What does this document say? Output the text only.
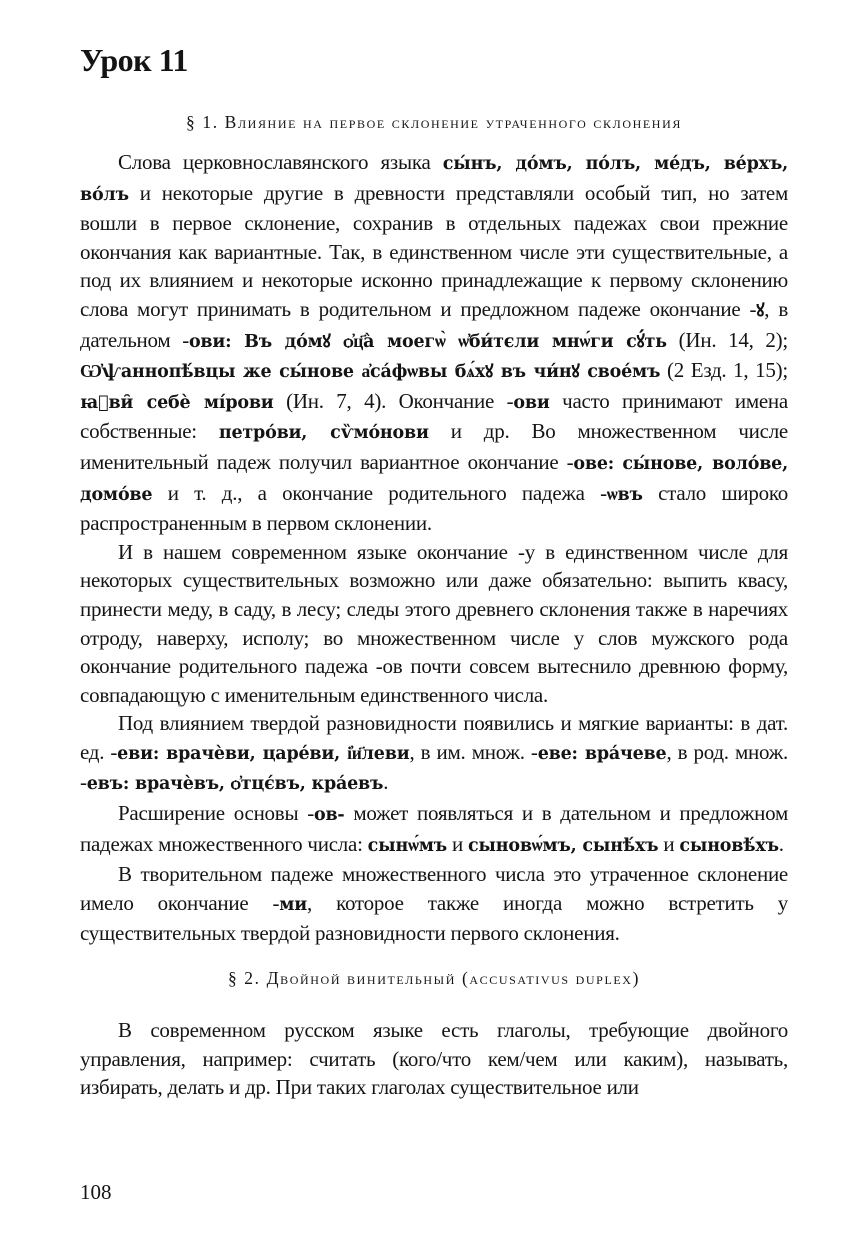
Урок 11
§ 1. Влияние на первое склонение утраченного склонения

Слова церковнославянского языка сы́нъ, до́мъ, по́лъ, ме́дъ, ве́рхъ, во́лъ и некоторые другие в древности представляли особый тип, но затем вошли в первое склонение, сохранив в отдельных падежах свои прежние окончания как вариантные. Так, в единственном числе эти существительные, а под их влиянием и некоторые исконно принадлежащие к первому склонению слова могут принимать в родительном и предложном падеже окончание -ꙋ, в дательном -ови: Въ до́мꙋ ѻ҆ц҃а̀ моегѡ̀ ѡ҆би́тєли мнѡ́ги сꙋ́ть (Ин. 14, 2); Ѡ҆ѱаннопѣ́вцы же сы́нове а҆са́фѡвы бѧ́хꙋ въ чи́нꙋ свое́мъ (2 Езд. 1, 15); ꙗ҆ви̑ себѐ мі́рови (Ин. 7, 4). Окончание -ови часто принимают имена собственные: петро́ви, сѷмо́нови и др. Во множественном числе именительный падеж получил вариантное окончание -ове: сы́нове, воло́ве, домо́ве и т. д., а окончание родительного падежа -ѡвъ стало широко распространенным в первом склонении.

И в нашем современном языке окончание -у в единственном числе для некоторых существительных возможно или даже обязательно: выпить квасу, принести меду, в саду, в лесу; следы этого древнего склонения также в наречиях отроду, наверху, исполу; во множественном числе у слов мужского рода окончание родительного падежа -ов почти совсем вытеснило древнюю форму, совпадающую с именительным единственного числа.

Под влиянием твердой разновидности появились и мягкие варианты: в дат. ед. -еви: врачѐви, царе́ви, і҆и҃леви, в им. множ. -еве: вра́чеве, в род. множ. -евъ: врачѐвъ, ѻ҆тцє́въ, кра́евъ.

Расширение основы -ов- может появляться и в дательном и предложном падежах множественного числа: сынѡ́мъ и сыновѡ́мъ, сынѣ́хъ и сыновѣ́хъ.

В творительном падеже множественного числа это утраченное склонение имело окончание -ми, которое также иногда можно встретить у существительных твердой разновидности первого склонения.

§ 2. Двойной винительный (accusativus duplex)

В современном русском языке есть глаголы, требующие двойного управления, например: считать (кого/что кем/чем или каким), называть, избирать, делать и др. При таких глаголах существительное или

108
